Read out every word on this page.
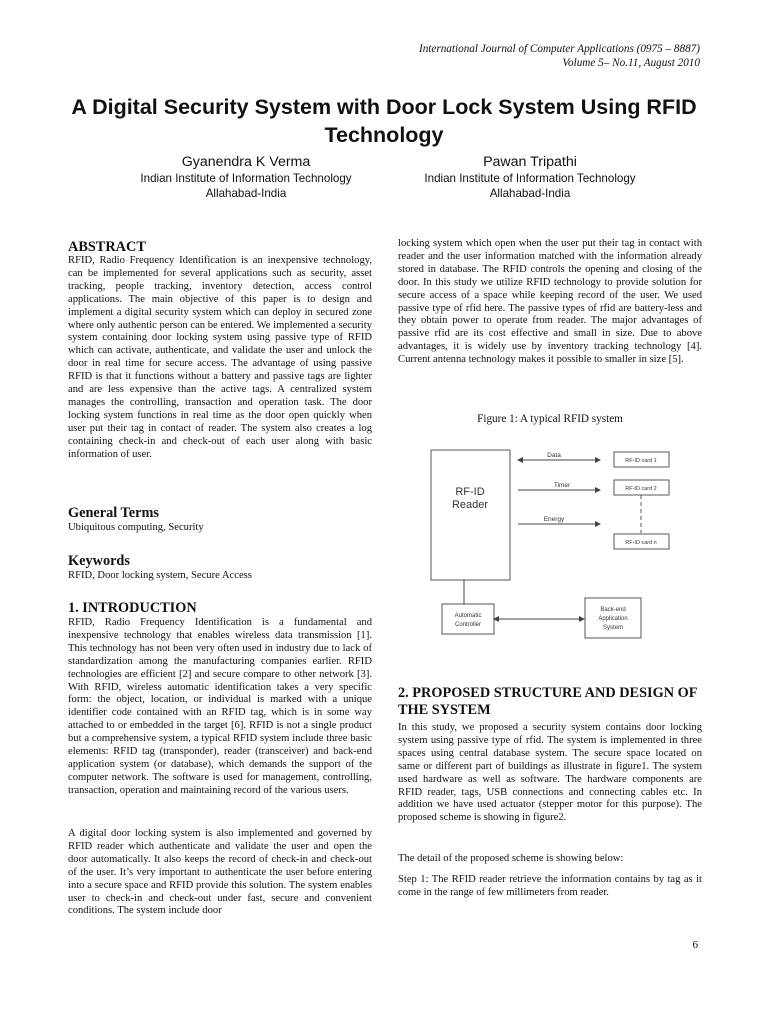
International Journal of Computer Applications (0975 – 8887)
Volume 5– No.11, August 2010
A Digital Security System with Door Lock System Using RFID Technology
Gyanendra K Verma
Indian Institute of Information Technology
Allahabad-India
Pawan Tripathi
Indian Institute of Information Technology
Allahabad-India
ABSTRACT

RFID, Radio Frequency Identification is an inexpensive technology, can be implemented for several applications such as security, asset tracking, people tracking, inventory detection, access control applications. The main objective of this paper is to design and implement a digital security system which can deploy in secured zone where only authentic person can be entered. We implemented a security system containing door locking system using passive type of RFID which can activate, authenticate, and validate the user and unlock the door in real time for secure access. The advantage of using passive RFID is that it functions without a battery and passive tags are lighter and are less expensive than the active tags. A centralized system manages the controlling, transaction and operation task. The door locking system functions in real time as the door open quickly when user put their tag in contact of reader. The system also creates a log containing check-in and check-out of each user along with basic information of user.

General Terms

Ubiquitous computing, Security

Keywords

RFID, Door locking system, Secure Access

1. INTRODUCTION

RFID, Radio Frequency Identification is a fundamental and inexpensive technology that enables wireless data transmission [1]. This technology has not been very often used in industry due to lack of standardization among the manufacturing companies earlier. RFID technologies are efficient [2] and secure compare to other network [3]. With RFID, wireless automatic identification takes a very specific form: the object, location, or individual is marked with a unique identifier code contained with an RFID tag, which is in some way attached to or embedded in the target [6]. RFID is not a single product but a comprehensive system, a typical RFID system include three basic elements: RFID tag (transponder), reader (transceiver) and back-end application system (or database), which demands the support of the computer network. The software is used for management, controlling, transaction, operation and maintaining record of the various users.

A digital door locking system is also implemented and governed by RFID reader which authenticate and validate the user and open the door automatically. It also keeps the record of check-in and check-out of the user. It’s very important to authenticate the user before entering into a secure space and RFID provide this solution. The system enables user to check-in and check-out under fast, secure and convenient conditions. The system include door

locking system which open when the user put their tag in contact with reader and the user information matched with the information already stored in database. The RFID controls the opening and closing of the door. In this study we utilize RFID technology to provide solution for secure access of a space while keeping record of the user. We used passive type of rfid here. The passive types of rfid are battery-less and they obtain power to operate from reader. The major advantages of passive rfid are its cost effective and small in size. Due to above advantages, it is widely use by inventory tracking technology [4]. Current antenna technology makes it possible to smaller in size [5].

Figure 1: A typical RFID system
RF-ID
Reader
Data
Timer
Energy
RF-ID card 1
RF-ID card 2
RF-ID card n
Automatic
Controller
Back-end
Application
System
2. PROPOSED STRUCTURE AND DESIGN OF THE SYSTEM

In this study, we proposed a security system contains door locking system using passive type of rfid. The system is implemented in three spaces using central database system. The secure space located on same or different part of buildings as illustrate in figure1. The system used hardware as well as software. The hardware components are RFID reader, tags, USB connections and connecting cables etc. In addition we have used actuator (stepper motor for this purpose). The proposed scheme is showing in figure2.

The detail of the proposed scheme is showing below:

Step 1: The RFID reader retrieve the information contains by tag as it come in the range of few millimeters from reader.

6
